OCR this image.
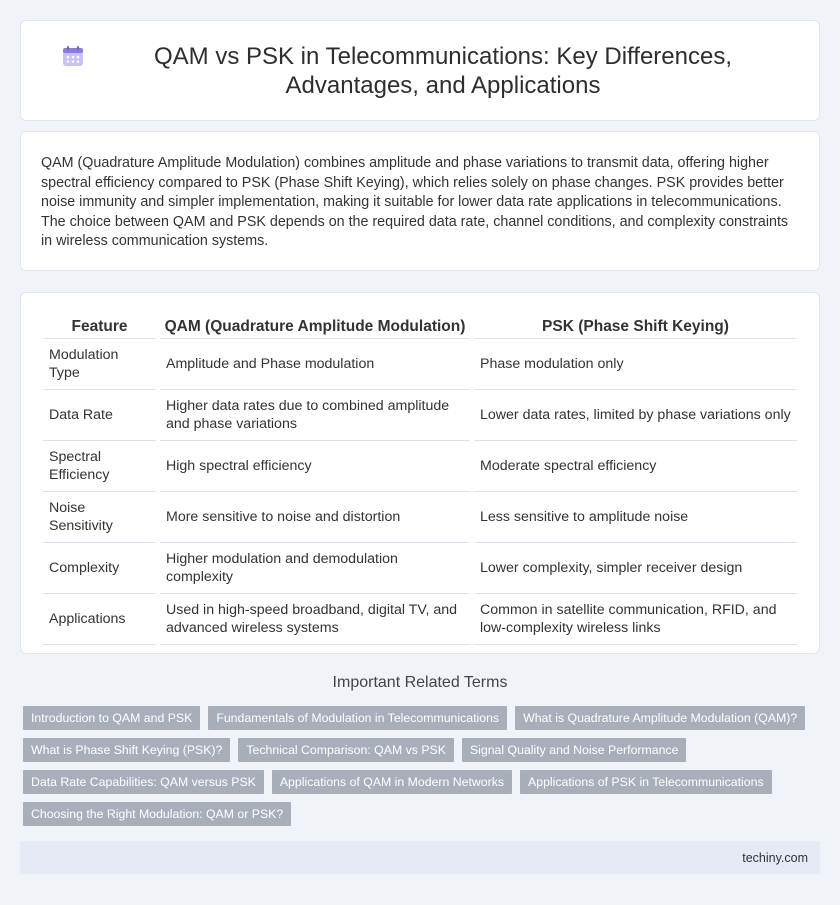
QAM vs PSK in Telecommunications: Key Differences, Advantages, and Applications

QAM (Quadrature Amplitude Modulation) combines amplitude and phase variations to transmit data, offering higher spectral efficiency compared to PSK (Phase Shift Keying), which relies solely on phase changes. PSK provides better noise immunity and simpler implementation, making it suitable for lower data rate applications in telecommunications. The choice between QAM and PSK depends on the required data rate, channel conditions, and complexity constraints in wireless communication systems.

Feature		QAM (Quadrature Amplitude Modulation)		PSK (Phase Shift Keying)
Modulation Type		Amplitude and Phase modulation		Phase modulation only
Data Rate		Higher data rates due to combined amplitude and phase variations		Lower data rates, limited by phase variations only
Spectral Efficiency		High spectral efficiency		Moderate spectral efficiency
Noise Sensitivity		More sensitive to noise and distortion		Less sensitive to amplitude noise
Complexity		Higher modulation and demodulation complexity		Lower complexity, simpler receiver design
Applications		Used in high-speed broadband, digital TV, and advanced wireless systems		Common in satellite communication, RFID, and low-complexity wireless links
Important Related Terms
Introduction to QAM and PSK	Fundamentals of Modulation in Telecommunications	What is Quadrature Amplitude Modulation (QAM)?
What is Phase Shift Keying (PSK)?	Technical Comparison: QAM vs PSK	Signal Quality and Noise Performance
Data Rate Capabilities: QAM versus PSK	Applications of QAM in Modern Networks	Applications of PSK in Telecommunications
Choosing the Right Modulation: QAM or PSK?
techiny.com
